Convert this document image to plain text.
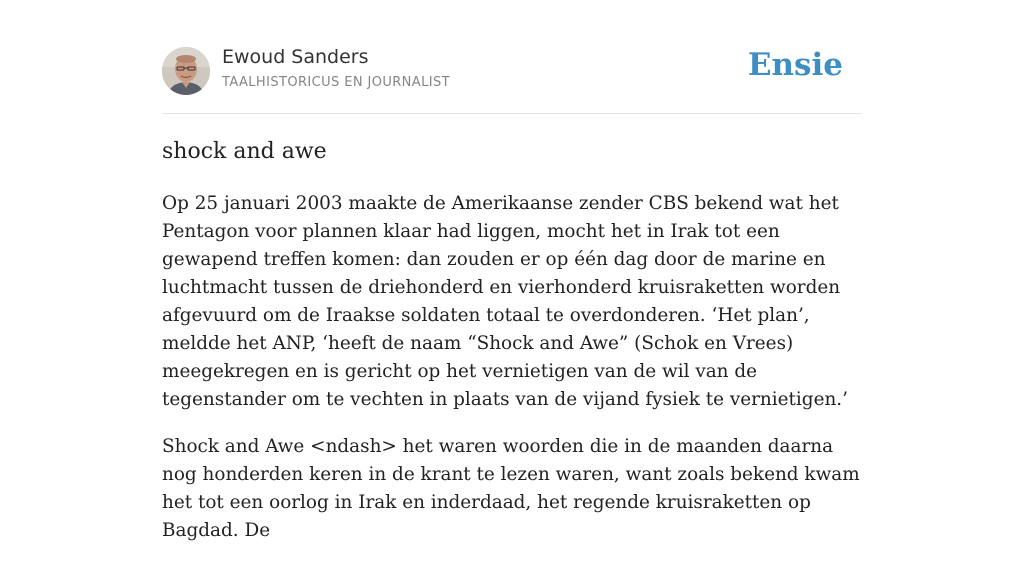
Ewoud Sanders
TAALHISTORICUS EN JOURNALIST	Ensie
shock and awe

Op 25 januari 2003 maakte de Amerikaanse zender CBS bekend wat het Pentagon voor plannen klaar had liggen, mocht het in Irak tot een gewapend treffen komen: dan zouden er op één dag door de marine en luchtmacht tussen de driehonderd en vierhonderd kruisraketten worden afgevuurd om de Iraakse soldaten totaal te overdonderen. ‘Het plan’, meldde het ANP, ‘heeft de naam “Shock and Awe” (Schok en Vrees) meegekregen en is gericht op het vernietigen van de wil van de tegenstander om te vechten in plaats van de vijand fysiek te vernietigen.’

Shock and Awe <ndash> het waren woorden die in de maanden daarna nog honderden keren in de krant te lezen waren, want zoals bekend kwam het tot een oorlog in Irak en inderdaad, het regende kruisraketten op Bagdad. De
